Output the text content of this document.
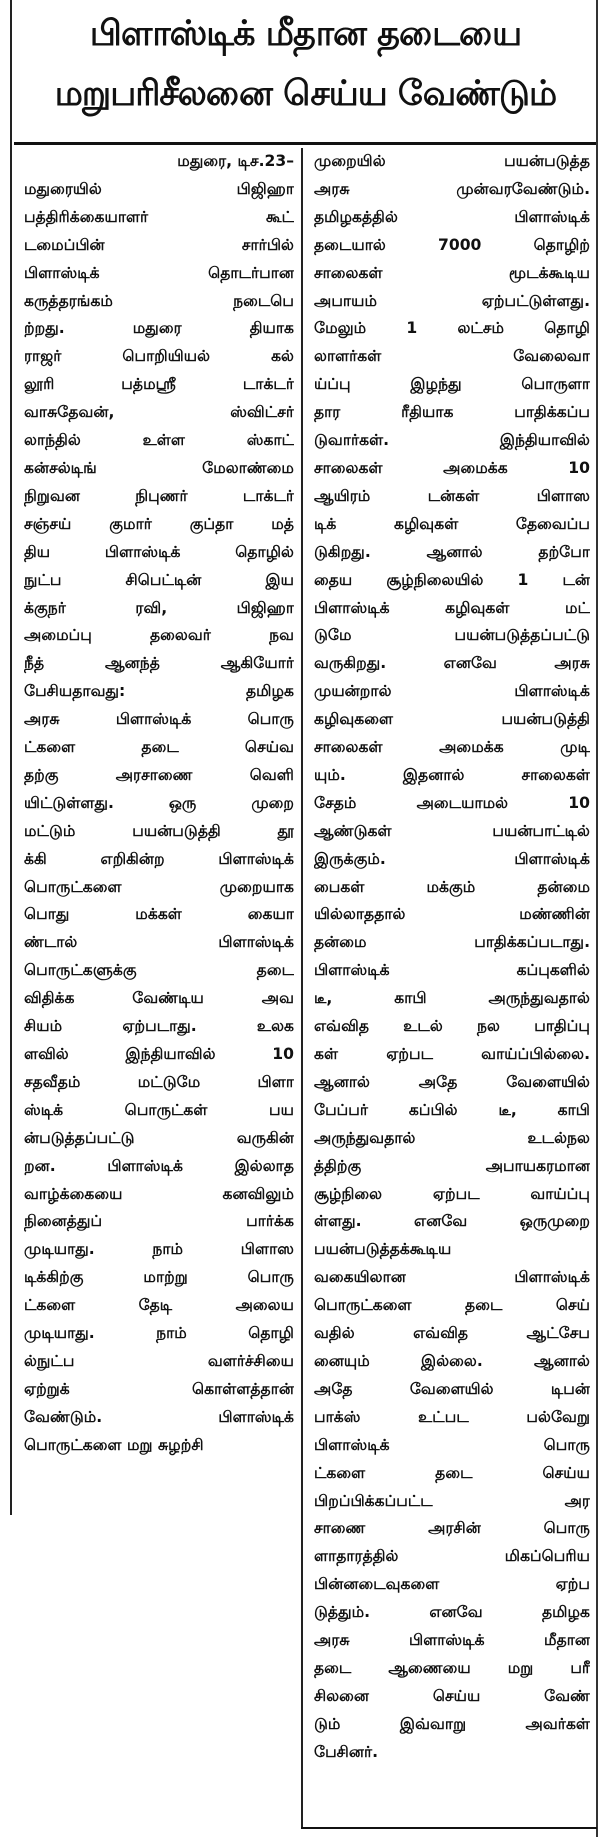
பிளாஸ்டிக் மீதான தடையை
மறுபரிசீலனை செய்ய வேண்டும்
மதுரை, டிச.23–
மதுரையில் பிஜிஹா
பத்திரிக்கையாளர் கூட்
டமைப்பின் சார்பில்
பிளாஸ்டிக் தொடர்பான
கருத்தரங்கம் நடைபெ
ற்றது. மதுரை தியாக
ராஜர் பொறியியல் கல்
லூரி பத்மஸ்ரீ டாக்டர்
வாசுதேவன், ஸ்விட்சர்
லாந்தில் உள்ள ஸ்காட்
கன்சல்டிங் மேலாண்மை
நிறுவன நிபுணர் டாக்டர்
சஞ்சய் குமார் குப்தா மத்
திய பிளாஸ்டிக் தொழில்
நுட்ப சிபெட்டின் இய
க்குநர் ரவி, பிஜிஹா
அமைப்பு தலைவர் நவ
நீத் ஆனந்த் ஆகியோர்
பேசியதாவது: தமிழக
அரசு பிளாஸ்டிக் பொரு
ட்களை தடை செய்வ
தற்கு அரசாணை வெளி
யிட்டுள்ளது. ஒரு முறை
மட்டும் பயன்படுத்தி தூ
க்கி எறிகின்ற பிளாஸ்டிக்
பொருட்களை முறையாக
பொது மக்கள் கையா
ண்டால் பிளாஸ்டிக்
பொருட்களுக்கு தடை
விதிக்க வேண்டிய அவ
சியம் ஏற்படாது. உலக
ளவில் இந்தியாவில் 10
சதவீதம் மட்டுமே பிளா
ஸ்டிக் பொருட்கள் பய
ன்படுத்தப்பட்டு வருகின்
றன. பிளாஸ்டிக் இல்லாத
வாழ்க்கையை கனவிலும்
நினைத்துப் பார்க்க
முடியாது. நாம் பிளாஸ
டிக்கிற்கு மாற்று பொரு
ட்களை தேடி அலைய
முடியாது. நாம் தொழி
ல்நுட்ப வளர்ச்சியை
ஏற்றுக் கொள்ளத்தான்
வேண்டும். பிளாஸ்டிக்
பொருட்களை மறு சுழற்சி
முறையில் பயன்படுத்த
அரசு முன்வரவேண்டும்.
தமிழகத்தில் பிளாஸ்டிக்
தடையால் 7000 தொழிற்
சாலைகள் மூடக்கூடிய
அபாயம் ஏற்பட்டுள்ளது.
மேலும் 1 லட்சம் தொழி
லாளர்கள் வேலைவா
ய்ப்பு இழந்து பொருளா
தார ரீதியாக பாதிக்கப்ப
டுவார்கள். இந்தியாவில்
சாலைகள் அமைக்க 10
ஆயிரம் டன்கள் பிளாஸ
டிக் கழிவுகள் தேவைப்ப
டுகிறது. ஆனால் தற்போ
தைய சூழ்நிலையில் 1 டன்
பிளாஸ்டிக் கழிவுகள் மட்
டுமே பயன்படுத்தப்பட்டு
வருகிறது. எனவே அரசு
முயன்றால் பிளாஸ்டிக்
கழிவுகளை பயன்படுத்தி
சாலைகள் அமைக்க முடி
யும். இதனால் சாலைகள்
சேதம் அடையாமல் 10
ஆண்டுகள் பயன்பாட்டில்
இருக்கும். பிளாஸ்டிக்
பைகள் மக்கும் தன்மை
யில்லாததால் மண்ணின்
தன்மை பாதிக்கப்படாது.
பிளாஸ்டிக் கப்புகளில்
டீ, காபி அருந்துவதால்
எவ்வித உடல் நல பாதிப்பு
கள் ஏற்பட வாய்ப்பில்லை.
ஆனால் அதே வேளையில்
பேப்பர் கப்பில் டீ, காபி
அருந்துவதால் உடல்நல
த்திற்கு அபாயகரமான
சூழ்நிலை ஏற்பட வாய்ப்பு
ள்ளது. எனவே ஒருமுறை
பயன்படுத்தக்கூடிய
வகையிலான பிளாஸ்டிக்
பொருட்களை தடை செய்
வதில் எவ்வித ஆட்சேப
னையும் இல்லை. ஆனால்
அதே வேளையில் டிபன்
பாக்ஸ் உட்பட பல்வேறு
பிளாஸ்டிக் பொரு
ட்களை தடை செய்ய
பிறப்பிக்கப்பட்ட அர
சாணை அரசின் பொரு
ளாதாரத்தில் மிகப்பெரிய
பின்னடைவுகளை ஏற்ப
டுத்தும். எனவே தமிழக
அரசு பிளாஸ்டிக் மீதான
தடை ஆணையை மறு பரீ
சிலனை செய்ய வேண்
டும் இவ்வாறு அவர்கள்
பேசினர்.
